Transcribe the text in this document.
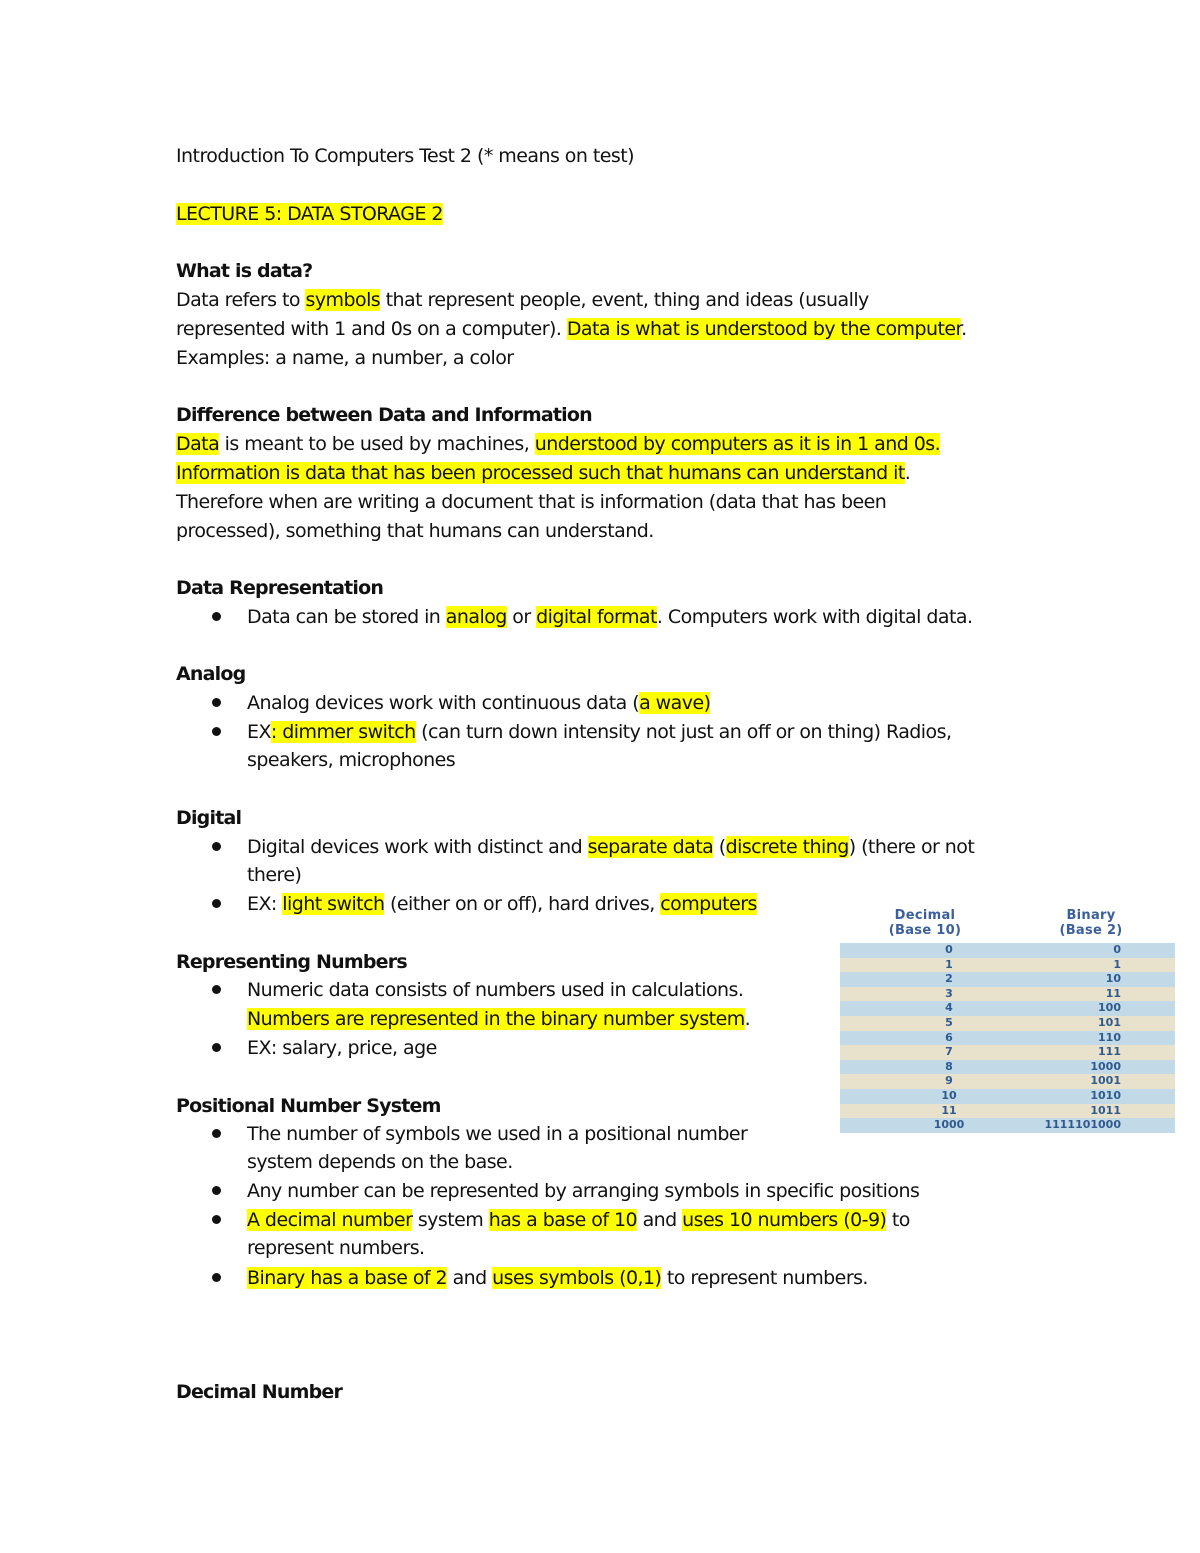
Introduction To Computers Test 2 (* means on test)
LECTURE 5: DATA STORAGE 2
What is data?
Data refers to symbols that represent people, event, thing and ideas (usually
represented with 1 and 0s on a computer). Data is what is understood by the computer.
Examples: a name, a number, a color
Difference between Data and Information
Data is meant to be used by machines, understood by computers as it is in 1 and 0s.
Information is data that has been processed such that humans can understand it.
Therefore when are writing a document that is information (data that has been
processed), something that humans can understand.
Data Representation
Data can be stored in analog or digital format. Computers work with digital data.
Analog
Analog devices work with continuous data (a wave)
EX: dimmer switch (can turn down intensity not just an off or on thing) Radios,
speakers, microphones
Digital
Digital devices work with distinct and separate data (discrete thing) (there or not
there)
EX: light switch (either on or off), hard drives, computers
Representing Numbers
Numeric data consists of numbers used in calculations.
Numbers are represented in the binary number system.
EX: salary, price, age
Positional Number System
The number of symbols we used in a positional number
system depends on the base.
Any number can be represented by arranging symbols in specific positions
A decimal number system has a base of 10 and uses 10 numbers (0-9) to
represent numbers.
Binary has a base of 2 and uses symbols (0,1) to represent numbers.
Decimal Number
Decimal
(Base 10)
Binary
(Base 2)
0	0
1	1
2	10
3	11
4	100
5	101
6	110
7	111
8	1000
9	1001
10	1010
11	1011
1000	1111101000
